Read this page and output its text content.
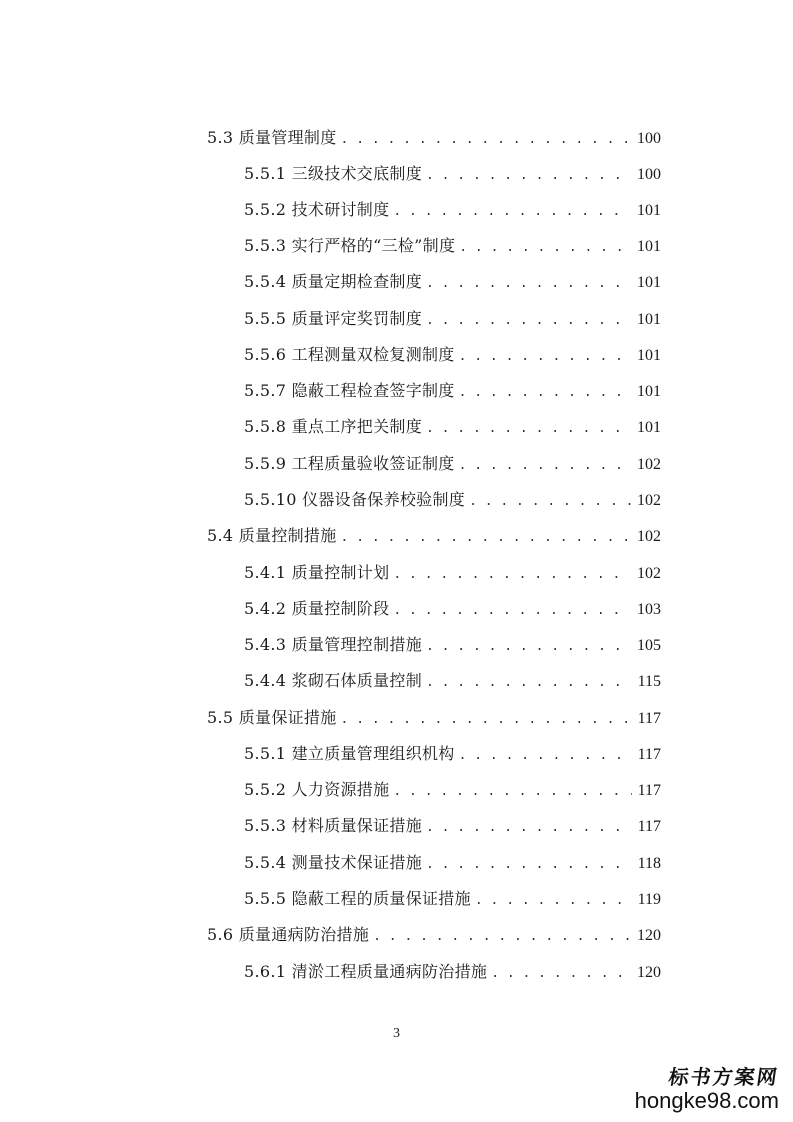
5.3 质量管理制度 . . .	100
5.5.1 三级技术交底制度 . . .	100
5.5.2 技术研讨制度 . . .	101
5.5.3 实行严格的“三检”制度 . . .	101
5.5.4 质量定期检查制度 . . .	101
5.5.5 质量评定奖罚制度 . . .	101
5.5.6 工程测量双检复测制度 . . .	101
5.5.7 隐蔽工程检查签字制度 . . .	101
5.5.8 重点工序把关制度 . . .	101
5.5.9 工程质量验收签证制度 . . .	102
5.5.10 仪器设备保养校验制度 . . .	102
5.4 质量控制措施 . . .	102
5.4.1 质量控制计划 . . .	102
5.4.2 质量控制阶段 . . .	103
5.4.3 质量管理控制措施 . . .	105
5.4.4 浆砌石体质量控制 . . .	115
5.5 质量保证措施 . . .	117
5.5.1 建立质量管理组织机构 . . .	117
5.5.2 人力资源措施 . . .	117
5.5.3 材料质量保证措施 . . .	117
5.5.4 测量技术保证措施 . . .	118
5.5.5 隐蔽工程的质量保证措施 . . .	119
5.6 质量通病防治措施 . . .	120
5.6.1 清淤工程质量通病防治措施 . . .	120
3
标书方案网
hongke98.com
